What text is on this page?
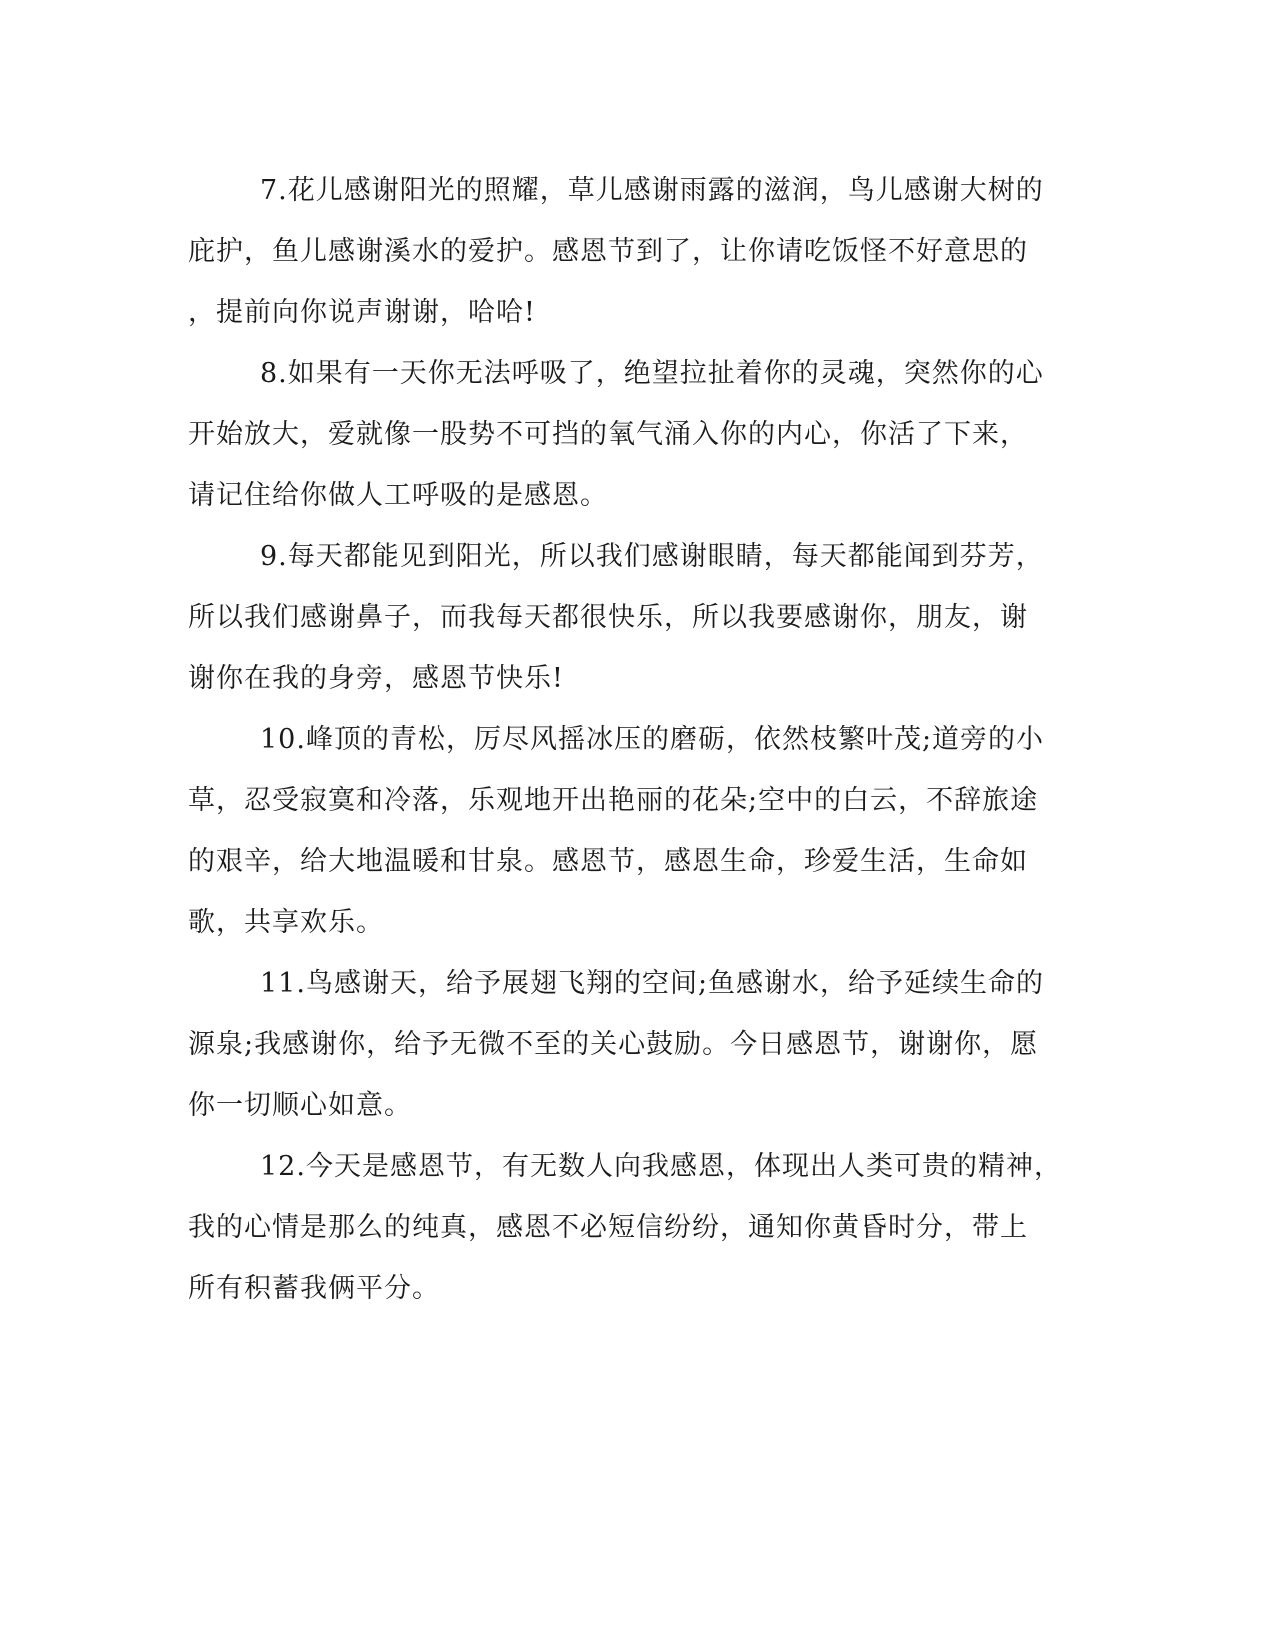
7.花儿感谢阳光的照耀，草儿感谢雨露的滋润，鸟儿感谢大树的
庇护，鱼儿感谢溪水的爱护。感恩节到了，让你请吃饭怪不好意思的
，提前向你说声谢谢，哈哈!
8.如果有一天你无法呼吸了，绝望拉扯着你的灵魂，突然你的心
开始放大，爱就像一股势不可挡的氧气涌入你的内心，你活了下来，
请记住给你做人工呼吸的是感恩。
9.每天都能见到阳光，所以我们感谢眼睛，每天都能闻到芬芳，
所以我们感谢鼻子，而我每天都很快乐，所以我要感谢你，朋友，谢
谢你在我的身旁，感恩节快乐!
10.峰顶的青松，厉尽风摇冰压的磨砺，依然枝繁叶茂;道旁的小
草，忍受寂寞和冷落，乐观地开出艳丽的花朵;空中的白云，不辞旅途
的艰辛，给大地温暖和甘泉。感恩节，感恩生命，珍爱生活，生命如
歌，共享欢乐。
11.鸟感谢天，给予展翅飞翔的空间;鱼感谢水，给予延续生命的
源泉;我感谢你，给予无微不至的关心鼓励。今日感恩节，谢谢你，愿
你一切顺心如意。
12.今天是感恩节，有无数人向我感恩，体现出人类可贵的精神，
我的心情是那么的纯真，感恩不必短信纷纷，通知你黄昏时分，带上
所有积蓄我俩平分。
